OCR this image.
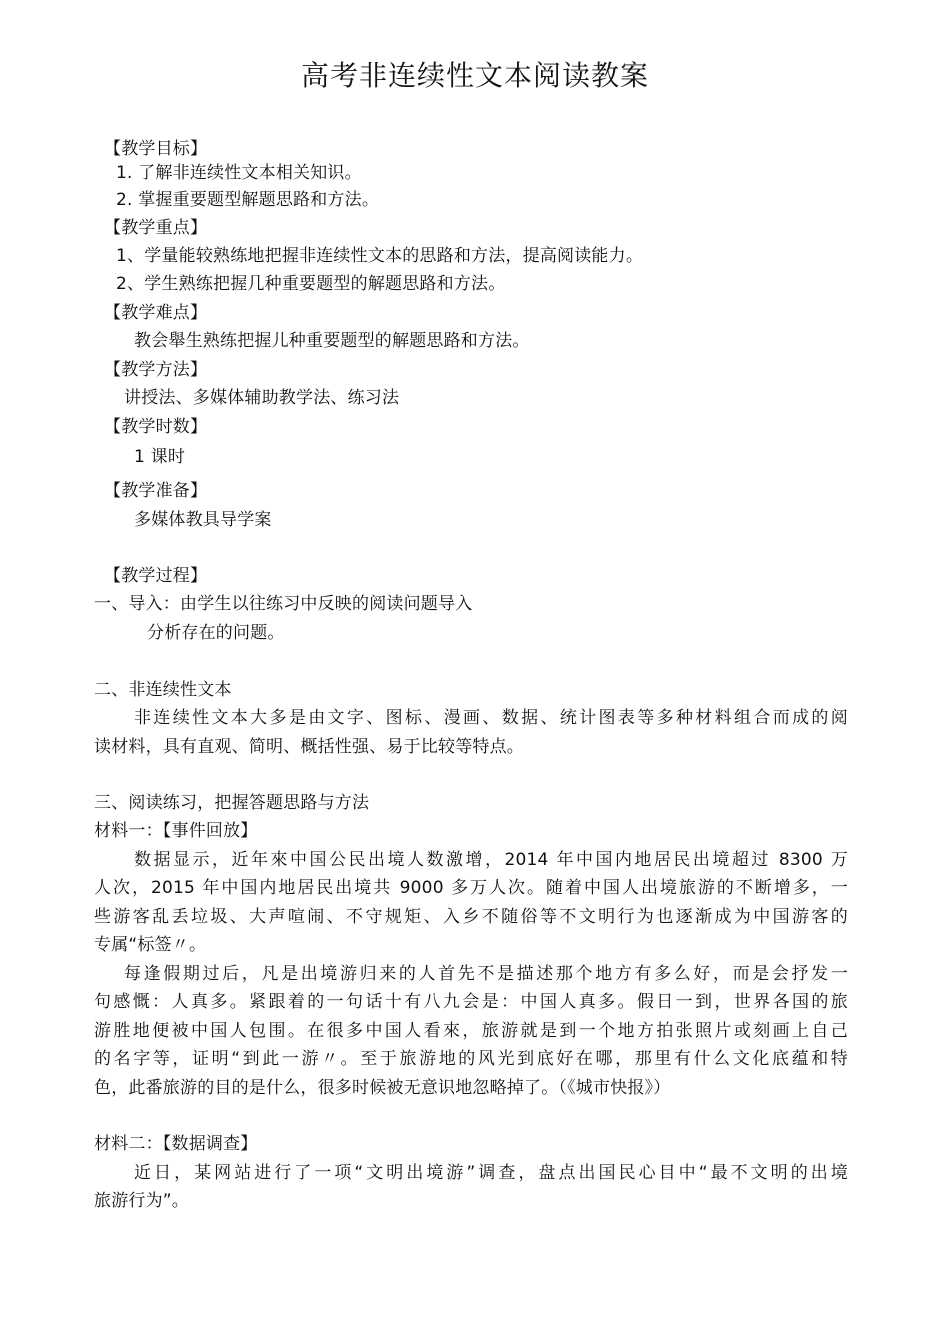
高考非连续性文本阅读教案
【教学目标】
1. 了解非连续性文本相关知识。
2. 掌握重要题型解题思路和方法。
【教学重点】
1、学量能较熟练地把握非连续性文本的思路和方法，提高阅读能力。
2、学生熟练把握几种重要题型的解题思路和方法。
【教学难点】
教会舉生熟练把握儿种重要题型的解题思路和方法。
【教学方法】
讲授法、多媒体辅助教学法、练习法
【教学时数】
1 课时
【教学准备】
多媒体教具导学案
【教学过程】
一、导入：由学生以往练习中反映的阅读问题导入
分析存在的问题。
二、非连续性文本
非连续性文本大多是由文字、图标、漫画、数据、统计图表等多种材料组合而成的阅
读材料，具有直观、简明、概括性强、易于比较等特点。
三、阅读练习，把握答题思路与方法
材料一：【事件回放】
数据显示，近年來中国公民出境人数激增，2014 年中国内地居民出境超过 8300 万
人次，2015 年中国内地居民出境共 9000 多万人次。随着中国人出境旅游的不断增多，一
些游客乱丢垃圾、大声喧闹、不守规矩、入乡不随俗等不文明行为也逐渐成为中国游客的
专属“标签〃。
每逢假期过后，凡是出境游归来的人首先不是描述那个地方有多么好，而是会抒发一
句感慨：人真多。紧跟着的一句话十有八九会是：中国人真多。假日一到，世界各国的旅
游胜地便被中国人包围。在很多中国人看來，旅游就是到一个地方拍张照片或刻画上自己
的名字等，证明“到此一游〃。至于旅游地的风光到底好在哪，那里有什么文化底蕴和特
色，此番旅游的目的是什么，很多时候被无意识地忽略掉了。（《城市快报》）
材料二：【数据调查】
近日，某网站进行了一项“文明出境游”调查，盘点出国民心目中“最不文明的出境
旅游行为”。
